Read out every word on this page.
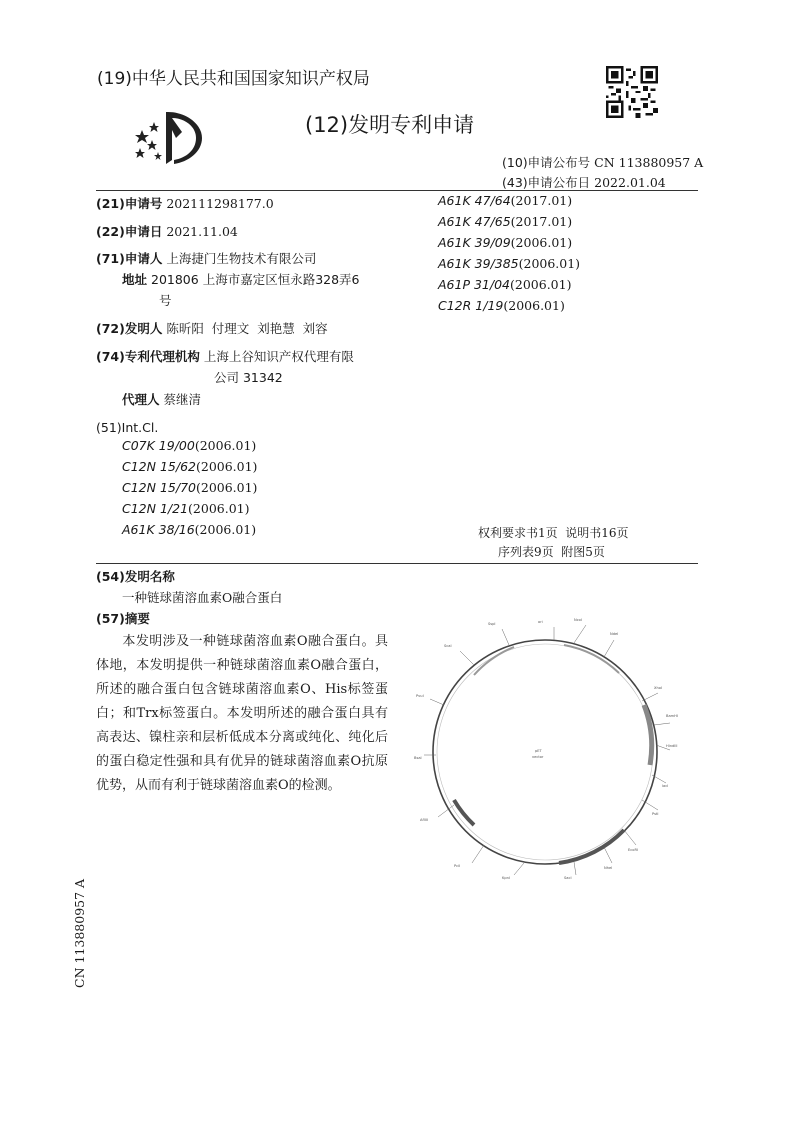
(19)中华人民共和国国家知识产权局
(12)发明专利申请
(10)申请公布号 CN 113880957 A
(43)申请公布日 2022.01.04
(21)申请号 202111298177.0
(22)申请日 2021.11.04
(71)申请人 上海捷门生物技术有限公司
地址 201806 上海市嘉定区恒永路328弄6
号
(72)发明人 陈昕阳  付理文  刘艳慧  刘容
(74)专利代理机构 上海上谷知识产权代理有限
公司 31342
代理人 蔡继清
(51)Int.Cl.
C07K 19/00(2006.01)
C12N 15/62(2006.01)
C12N 15/70(2006.01)
C12N 1/21(2006.01)
A61K 38/16(2006.01)
A61K 47/64(2017.01)
A61K 47/65(2017.01)
A61K 39/09(2006.01)
A61K 39/385(2006.01)
A61P 31/04(2006.01)
C12R 1/19(2006.01)
权利要求书1页  说明书16页
序列表9页  附图5页
(54)发明名称
一种链球菌溶血素O融合蛋白
(57)摘要
本发明涉及一种链球菌溶血素O融合蛋白。具体地，本发明提供一种链球菌溶血素O融合蛋白，所述的融合蛋白包含链球菌溶血素O、His标签蛋白；和Trx标签蛋白。本发明所述的融合蛋白具有高表达、镍柱亲和层析低成本分离或纯化、纯化后的蛋白稳定性强和具有优异的链球菌溶血素O抗原优势，从而有利于链球菌溶血素O的检测。
ori	NcoI
NdeI
XhoI
BamHI
HindIII
lacI
PstI
EcoRI
NheI
SacI
KpnI
PciI
AflIII
BsaI
PvuI
ScaI
SspI
pET
vector
CN 113880957 A
